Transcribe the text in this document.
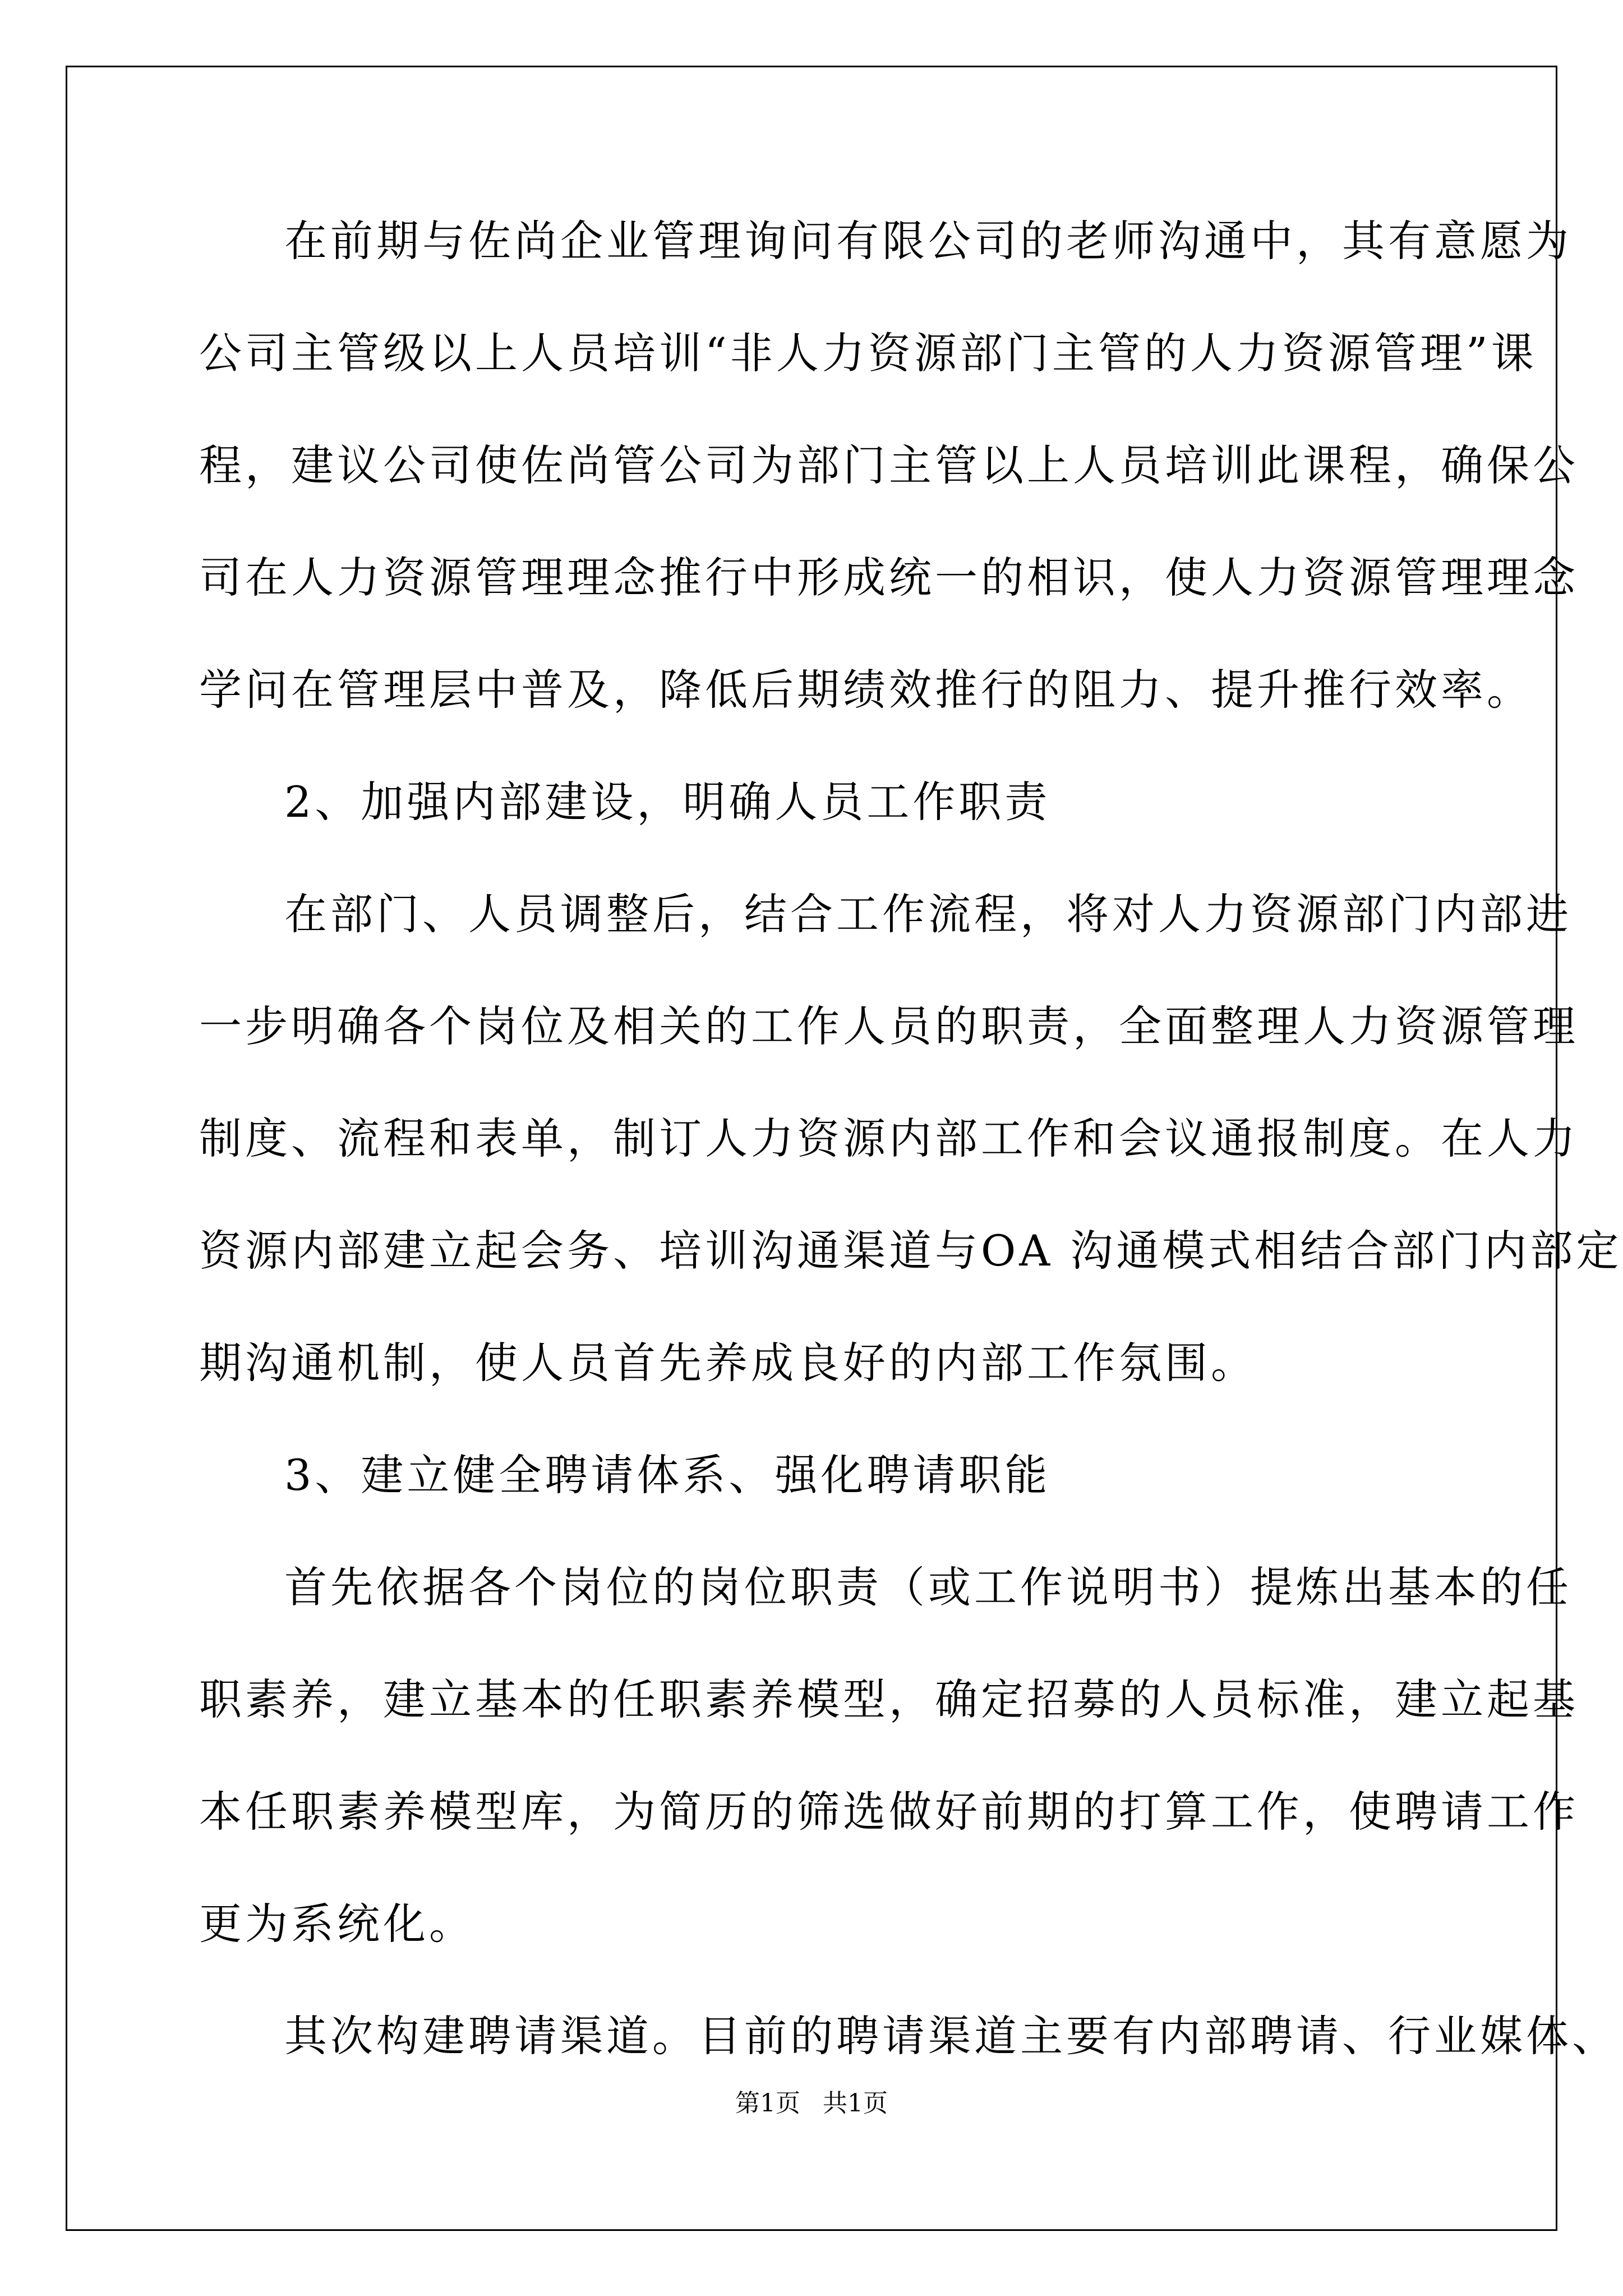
在前期与佐尚企业管理询问有限公司的老师沟通中，其有意愿为
公司主管级以上人员培训“非人力资源部门主管的人力资源管理”课
程，建议公司使佐尚管公司为部门主管以上人员培训此课程，确保公
司在人力资源管理理念推行中形成统一的相识，使人力资源管理理念
学问在管理层中普及，降低后期绩效推行的阻力、提升推行效率。
2、加强内部建设，明确人员工作职责
在部门、人员调整后，结合工作流程，将对人力资源部门内部进
一步明确各个岗位及相关的工作人员的职责，全面整理人力资源管理
制度、流程和表单，制订人力资源内部工作和会议通报制度。在人力
资源内部建立起会务、培训沟通渠道与OA 沟通模式相结合部门内部定
期沟通机制，使人员首先养成良好的内部工作氛围。
3、建立健全聘请体系、强化聘请职能
首先依据各个岗位的岗位职责（或工作说明书）提炼出基本的任
职素养，建立基本的任职素养模型，确定招募的人员标准，建立起基
本任职素养模型库，为简历的筛选做好前期的打算工作，使聘请工作
更为系统化。
其次构建聘请渠道。目前的聘请渠道主要有内部聘请、行业媒体、
第1页 共1页
